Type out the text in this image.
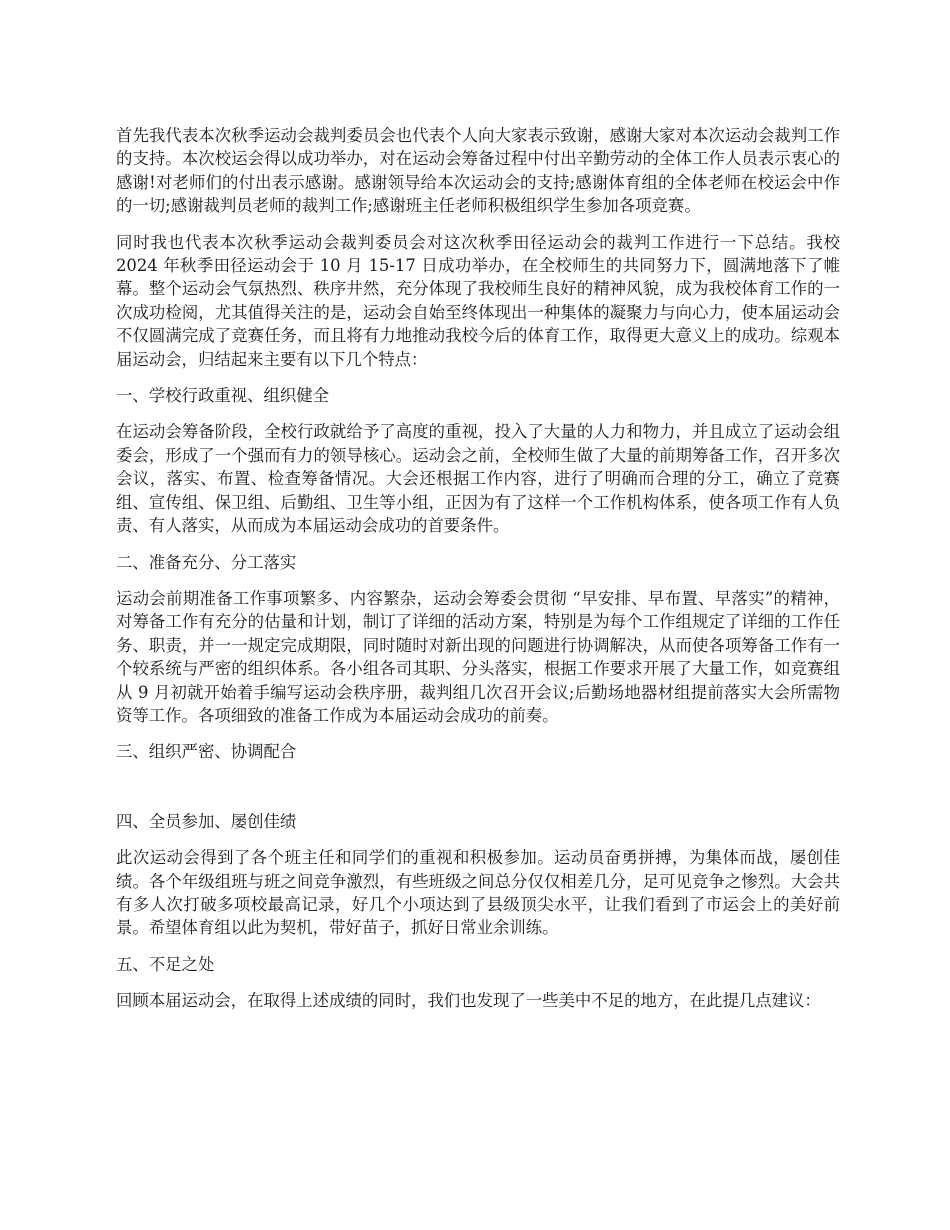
首先我代表本次秋季运动会裁判委员会也代表个人向大家表示致谢，感谢大家对本次运动会裁判工作的支持。本次校运会得以成功举办，对在运动会筹备过程中付出辛勤劳动的全体工作人员表示衷心的感谢!对老师们的付出表示感谢。感谢领导给本次运动会的支持;感谢体育组的全体老师在校运会中作的一切;感谢裁判员老师的裁判工作;感谢班主任老师积极组织学生参加各项竞赛。

同时我也代表本次秋季运动会裁判委员会对这次秋季田径运动会的裁判工作进行一下总结。我校 2024 年秋季田径运动会于 10 月 15-17 日成功举办，在全校师生的共同努力下，圆满地落下了帷幕。整个运动会气氛热烈、秩序井然，充分体现了我校师生良好的精神风貌，成为我校体育工作的一次成功检阅，尤其值得关注的是，运动会自始至终体现出一种集体的凝聚力与向心力，使本届运动会不仅圆满完成了竞赛任务，而且将有力地推动我校今后的体育工作，取得更大意义上的成功。综观本届运动会，归结起来主要有以下几个特点：

一、学校行政重视、组织健全

在运动会筹备阶段，全校行政就给予了高度的重视，投入了大量的人力和物力，并且成立了运动会组委会，形成了一个强而有力的领导核心。运动会之前，全校师生做了大量的前期筹备工作，召开多次会议，落实、布置、检查筹备情况。大会还根据工作内容，进行了明确而合理的分工，确立了竞赛组、宣传组、保卫组、后勤组、卫生等小组，正因为有了这样一个工作机构体系，使各项工作有人负责、有人落实，从而成为本届运动会成功的首要条件。

二、准备充分、分工落实

运动会前期准备工作事项繁多、内容繁杂，运动会筹委会贯彻 “早安排、早布置、早落实”的精神，对筹备工作有充分的估量和计划，制订了详细的活动方案，特别是为每个工作组规定了详细的工作任务、职责，并一一规定完成期限，同时随时对新出现的问题进行协调解决，从而使各项筹备工作有一个较系统与严密的组织体系。各小组各司其职、分头落实，根据工作要求开展了大量工作，如竞赛组从 9 月初就开始着手编写运动会秩序册，裁判组几次召开会议;后勤场地器材组提前落实大会所需物资等工作。各项细致的准备工作成为本届运动会成功的前奏。

三、组织严密、协调配合

四、全员参加、屡创佳绩

此次运动会得到了各个班主任和同学们的重视和积极参加。运动员奋勇拼搏，为集体而战，屡创佳绩。各个年级组班与班之间竞争激烈，有些班级之间总分仅仅相差几分，足可见竞争之惨烈。大会共有多人次打破多项校最高记录，好几个小项达到了县级顶尖水平，让我们看到了市运会上的美好前景。希望体育组以此为契机，带好苗子，抓好日常业余训练。

五、不足之处

回顾本届运动会，在取得上述成绩的同时，我们也发现了一些美中不足的地方，在此提几点建议：
